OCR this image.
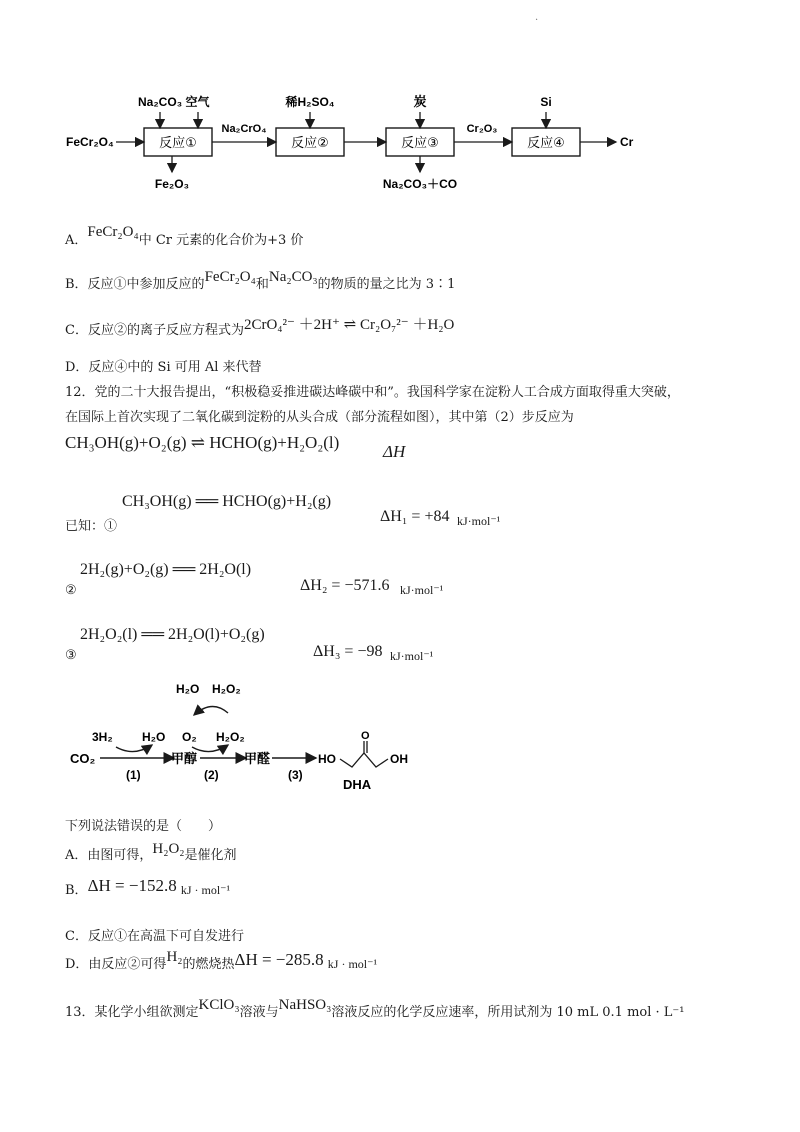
.
FeCr₂O₄	反应①	反应②	反应③	反应④
Na₂CO₃ 空气	稀H₂SO₄	炭	Si
Na₂CrO₄	Cr₂O₃
Fe₂O₃	Na₂CO₃＋CO
Cr
A．FeCr₂O₄中 Cr 元素的化合价为+3 价
B．反应①中参加反应的FeCr₂O₄和Na₂CO₃的物质的量之比为 3∶1
C．反应②的离子反应方程式为2CrO₄²⁻ ＋2H⁺ ⇌ Cr₂O₇²⁻ ＋H₂O
D．反应④中的 Si 可用 Al 来代替
12．党的二十大报告提出，“积极稳妥推进碳达峰碳中和”。我国科学家在淀粉人工合成方面取得重大突破，
在国际上首次实现了二氧化碳到淀粉的从头合成（部分流程如图），其中第（2）步反应为
CH₃OH(g)+O₂(g) ⇌ HCHO(g)+H₂O₂(l)	ΔH
CH₃OH(g) ══ HCHO(g)+H₂(g)
已知：①
ΔH₁ = +84 kJ·mol⁻¹
2H₂(g)+O₂(g) ══ 2H₂O(l)
②	ΔH₂ = −571.6 kJ·mol⁻¹
2H₂O₂(l) ══ 2H₂O(l)+O₂(g)
③	ΔH₃ = −98 kJ·mol⁻¹
CO₂
3H₂ H₂O
甲醇
(1)
O₂ H₂O₂
甲醛
(2)
H₂O H₂O₂
(3)
HO
O
OH
DHA
下列说法错误的是（　　）
A．由图可得，H₂O₂是催化剂
B．ΔH = −152.8 kJ · mol⁻¹
C．反应①在高温下可自发进行
D．由反应②可得H₂的燃烧热ΔH = −285.8 kJ · mol⁻¹
13．某化学小组欲测定KClO₃溶液与NaHSO₃溶液反应的化学反应速率，所用试剂为 10 mL 0.1 mol · L⁻¹
